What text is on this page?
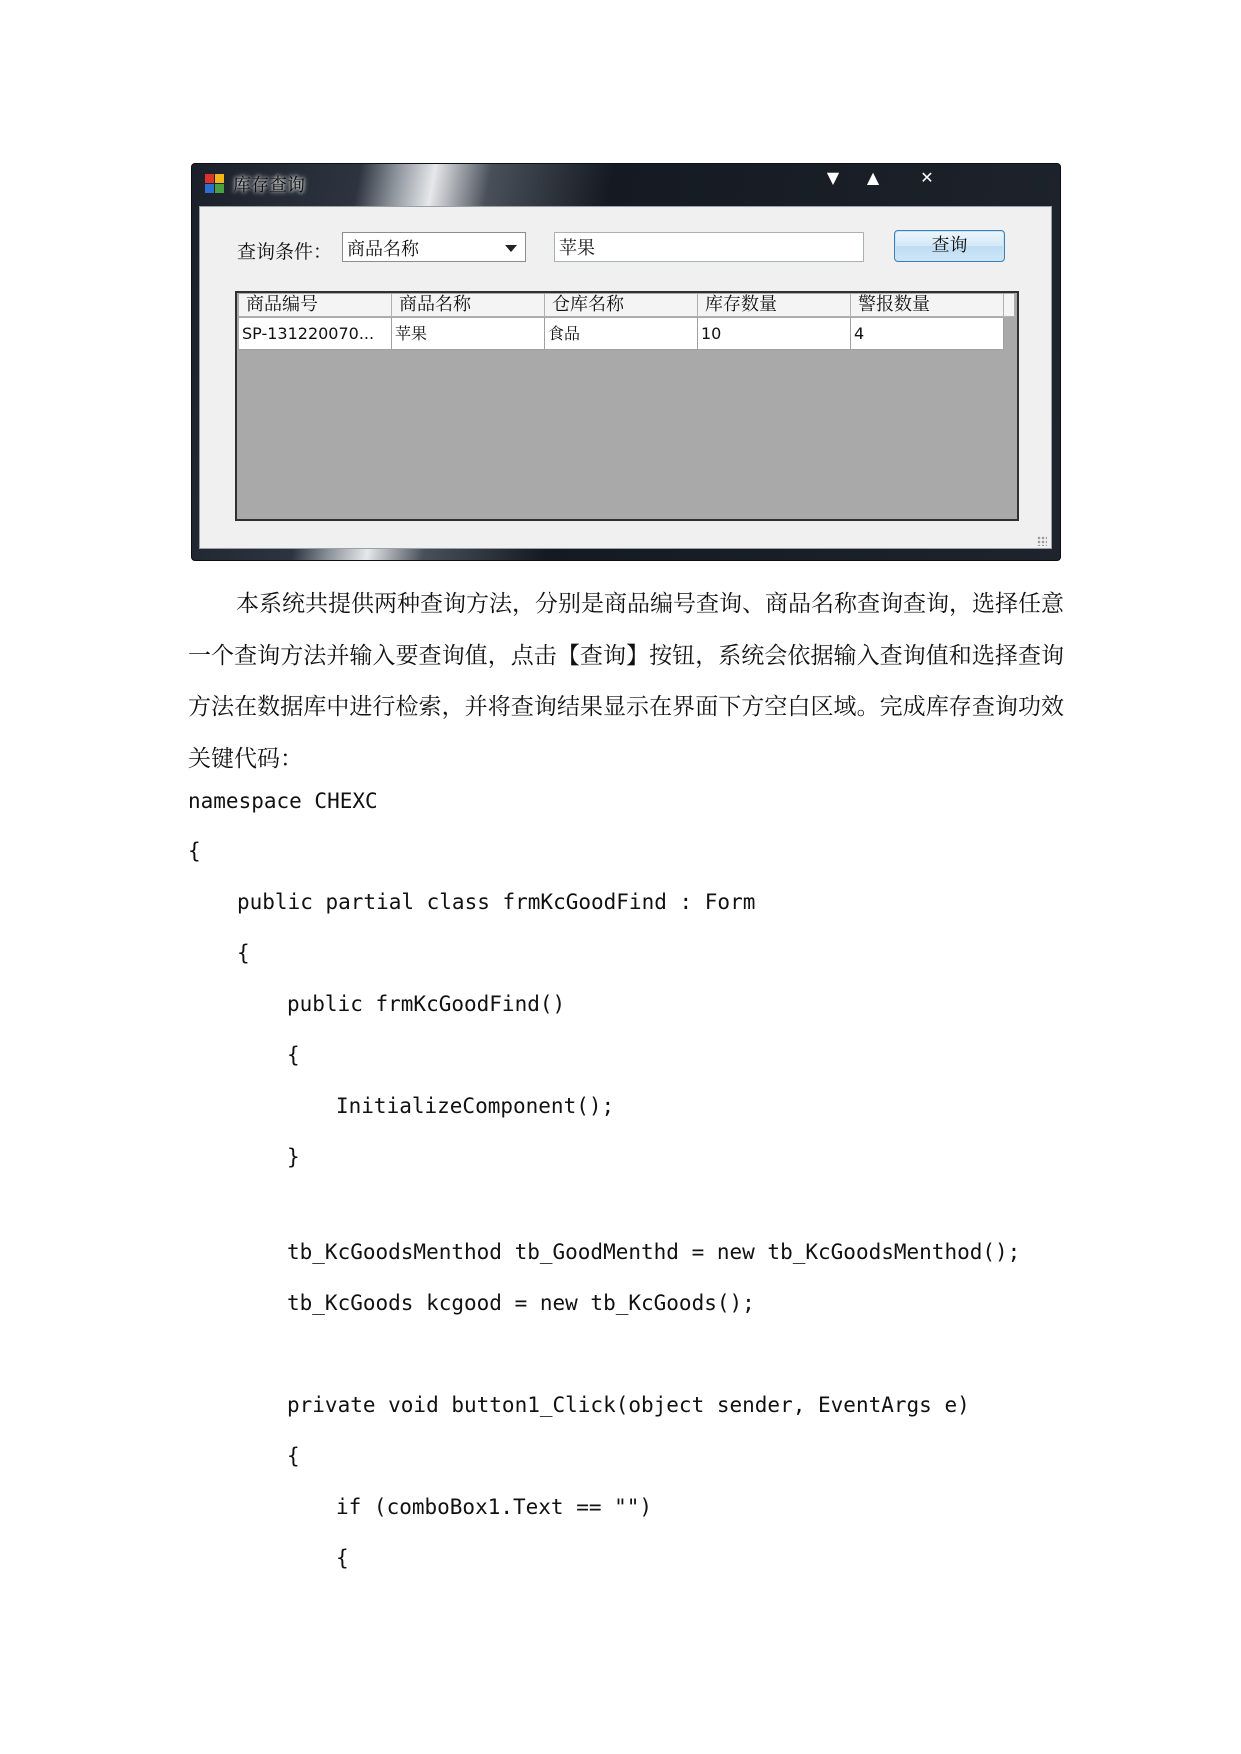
库存查询	▼	▲	✕
查询条件： 商品名称
苹果	查询
商品编号	商品名称	仓库名称	库存数量	警报数量
SP-131220070...	苹果	食品	10	4

本系统共提供两种查询方法，分别是商品编号查询、商品名称查询查询，选择任意一个查询方法并输入要查询值，点击【查询】按钮，系统会依据输入查询值和选择查询方法在数据库中进行检索，并将查询结果显示在界面下方空白区域。完成库存查询功效关键代码：

namespace CHEXC
{
public partial class frmKcGoodFind : Form
{
public frmKcGoodFind()
{
InitializeComponent();
}
tb_KcGoodsMenthod tb_GoodMenthd = new tb_KcGoodsMenthod();
tb_KcGoods kcgood = new tb_KcGoods();
private void button1_Click(object sender, EventArgs e)
{
if (comboBox1.Text == "")
{
